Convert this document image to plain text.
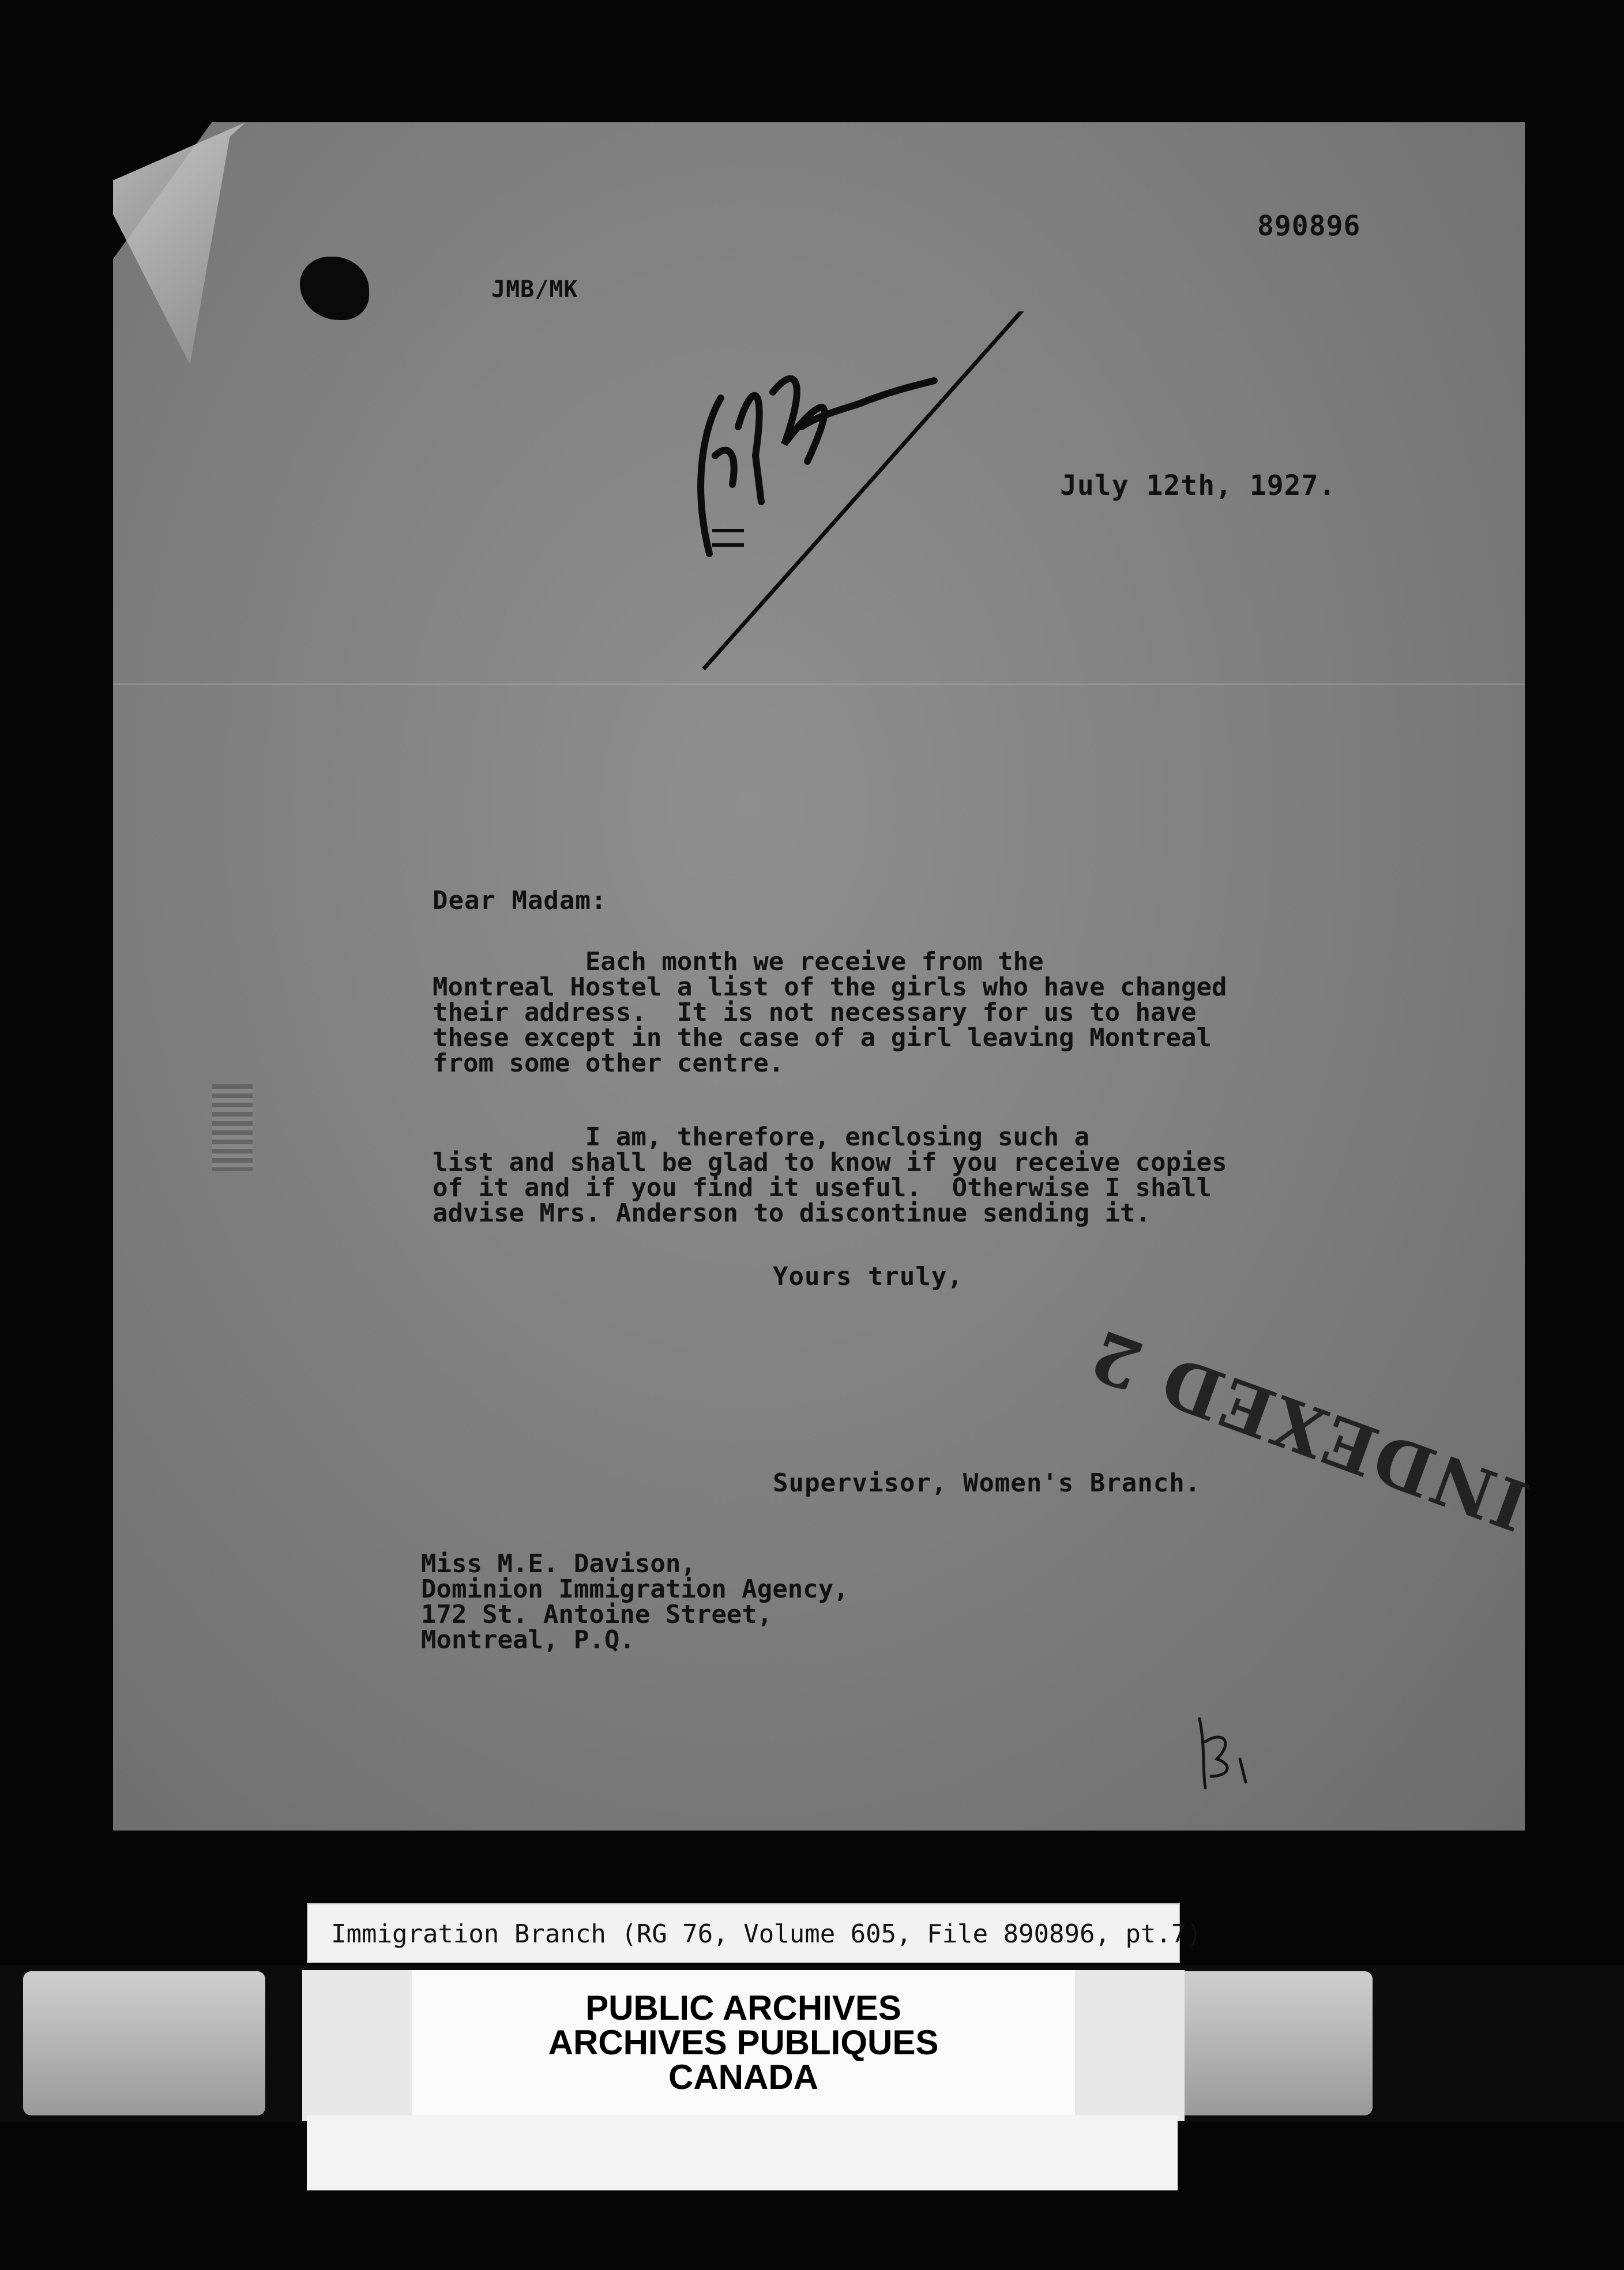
890896
JMB/MK
July 12th, 1927.
Dear Madam:
Each month we receive from the
Montreal Hostel a list of the girls who have changed
their address.  It is not necessary for us to have
these except in the case of a girl leaving Montreal
from some other centre.
I am, therefore, enclosing such a
list and shall be glad to know if you receive copies
of it and if you find it useful.  Otherwise I shall
advise Mrs. Anderson to discontinue sending it.
Yours truly,
INDEXED 2
Supervisor, Women's Branch.
Miss M.E. Davison,
Dominion Immigration Agency,
172 St. Antoine Street,
Montreal, P.Q.
Immigration Branch (RG 76, Volume 605, File 890896, pt.7)
PUBLIC ARCHIVES
ARCHIVES PUBLIQUES
CANADA
